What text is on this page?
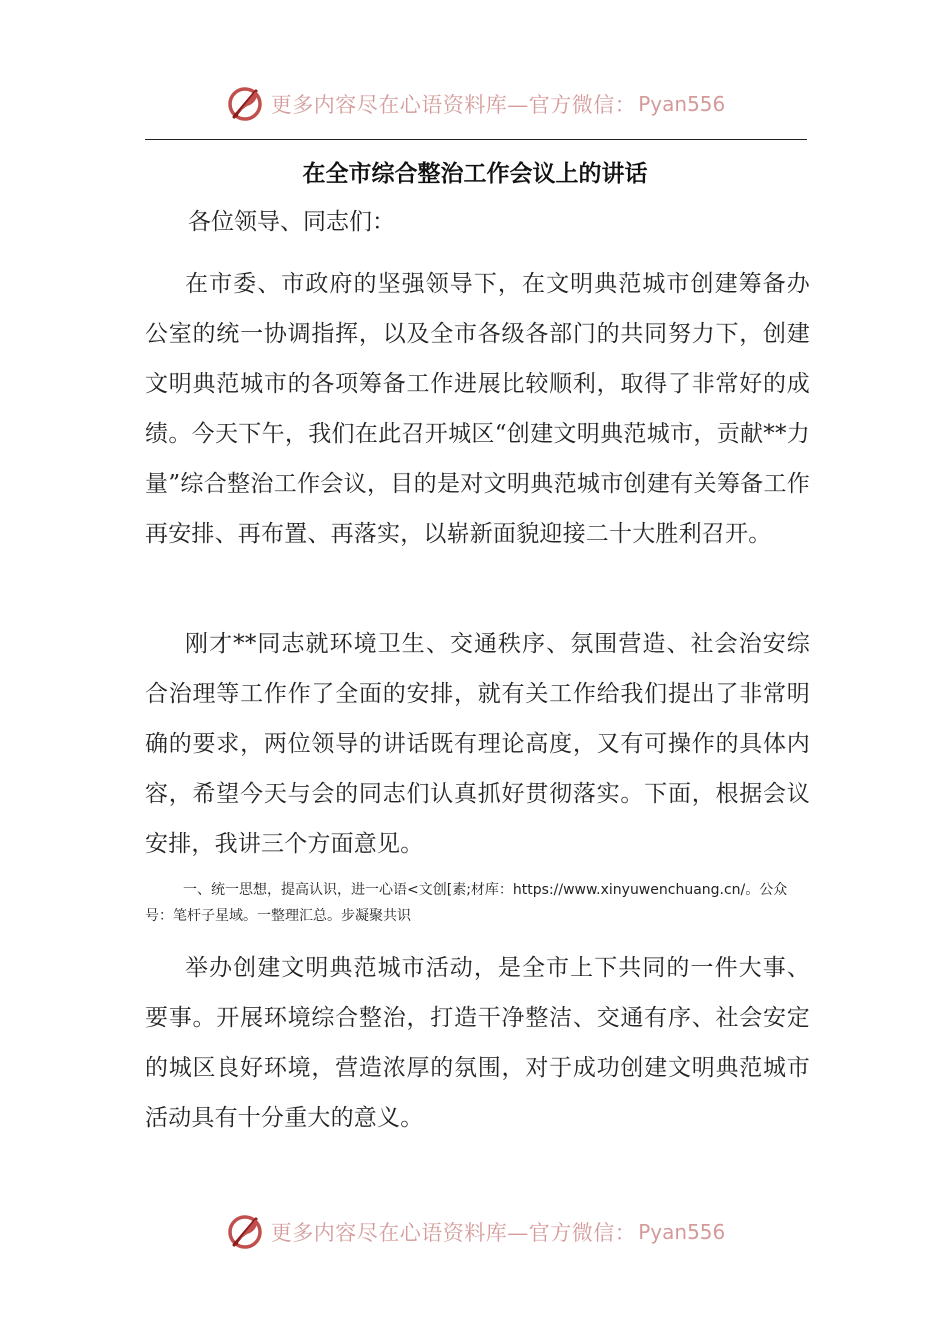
更多内容尽在心语资料库—官方微信： Pyan556
在全市综合整治工作会议上的讲话
各位领导、同志们：

在市委、市政府的坚强领导下，在文明典范城市创建筹备办公室的统一协调指挥，以及全市各级各部门的共同努力下，创建文明典范城市的各项筹备工作进展比较顺利，取得了非常好的成绩。今天下午，我们在此召开城区“创建文明典范城市，贡献**力量”综合整治工作会议，目的是对文明典范城市创建有关筹备工作再安排、再布置、再落实，以崭新面貌迎接二十大胜利召开。

刚才**同志就环境卫生、交通秩序、氛围营造、社会治安综合治理等工作作了全面的安排，就有关工作给我们提出了非常明确的要求，两位领导的讲话既有理论高度，又有可操作的具体内容，希望今天与会的同志们认真抓好贯彻落实。下面，根据会议安排，我讲三个方面意见。

一、统一思想，提高认识，进一心语<文创[素;材库：https://www.xinyuwenchuang.cn/。公众号：笔杆子星域。一整理汇总。步凝聚共识

举办创建文明典范城市活动，是全市上下共同的一件大事、要事。开展环境综合整治，打造干净整洁、交通有序、社会安定的城区良好环境，营造浓厚的氛围，对于成功创建文明典范城市活动具有十分重大的意义。

更多内容尽在心语资料库—官方微信： Pyan556
